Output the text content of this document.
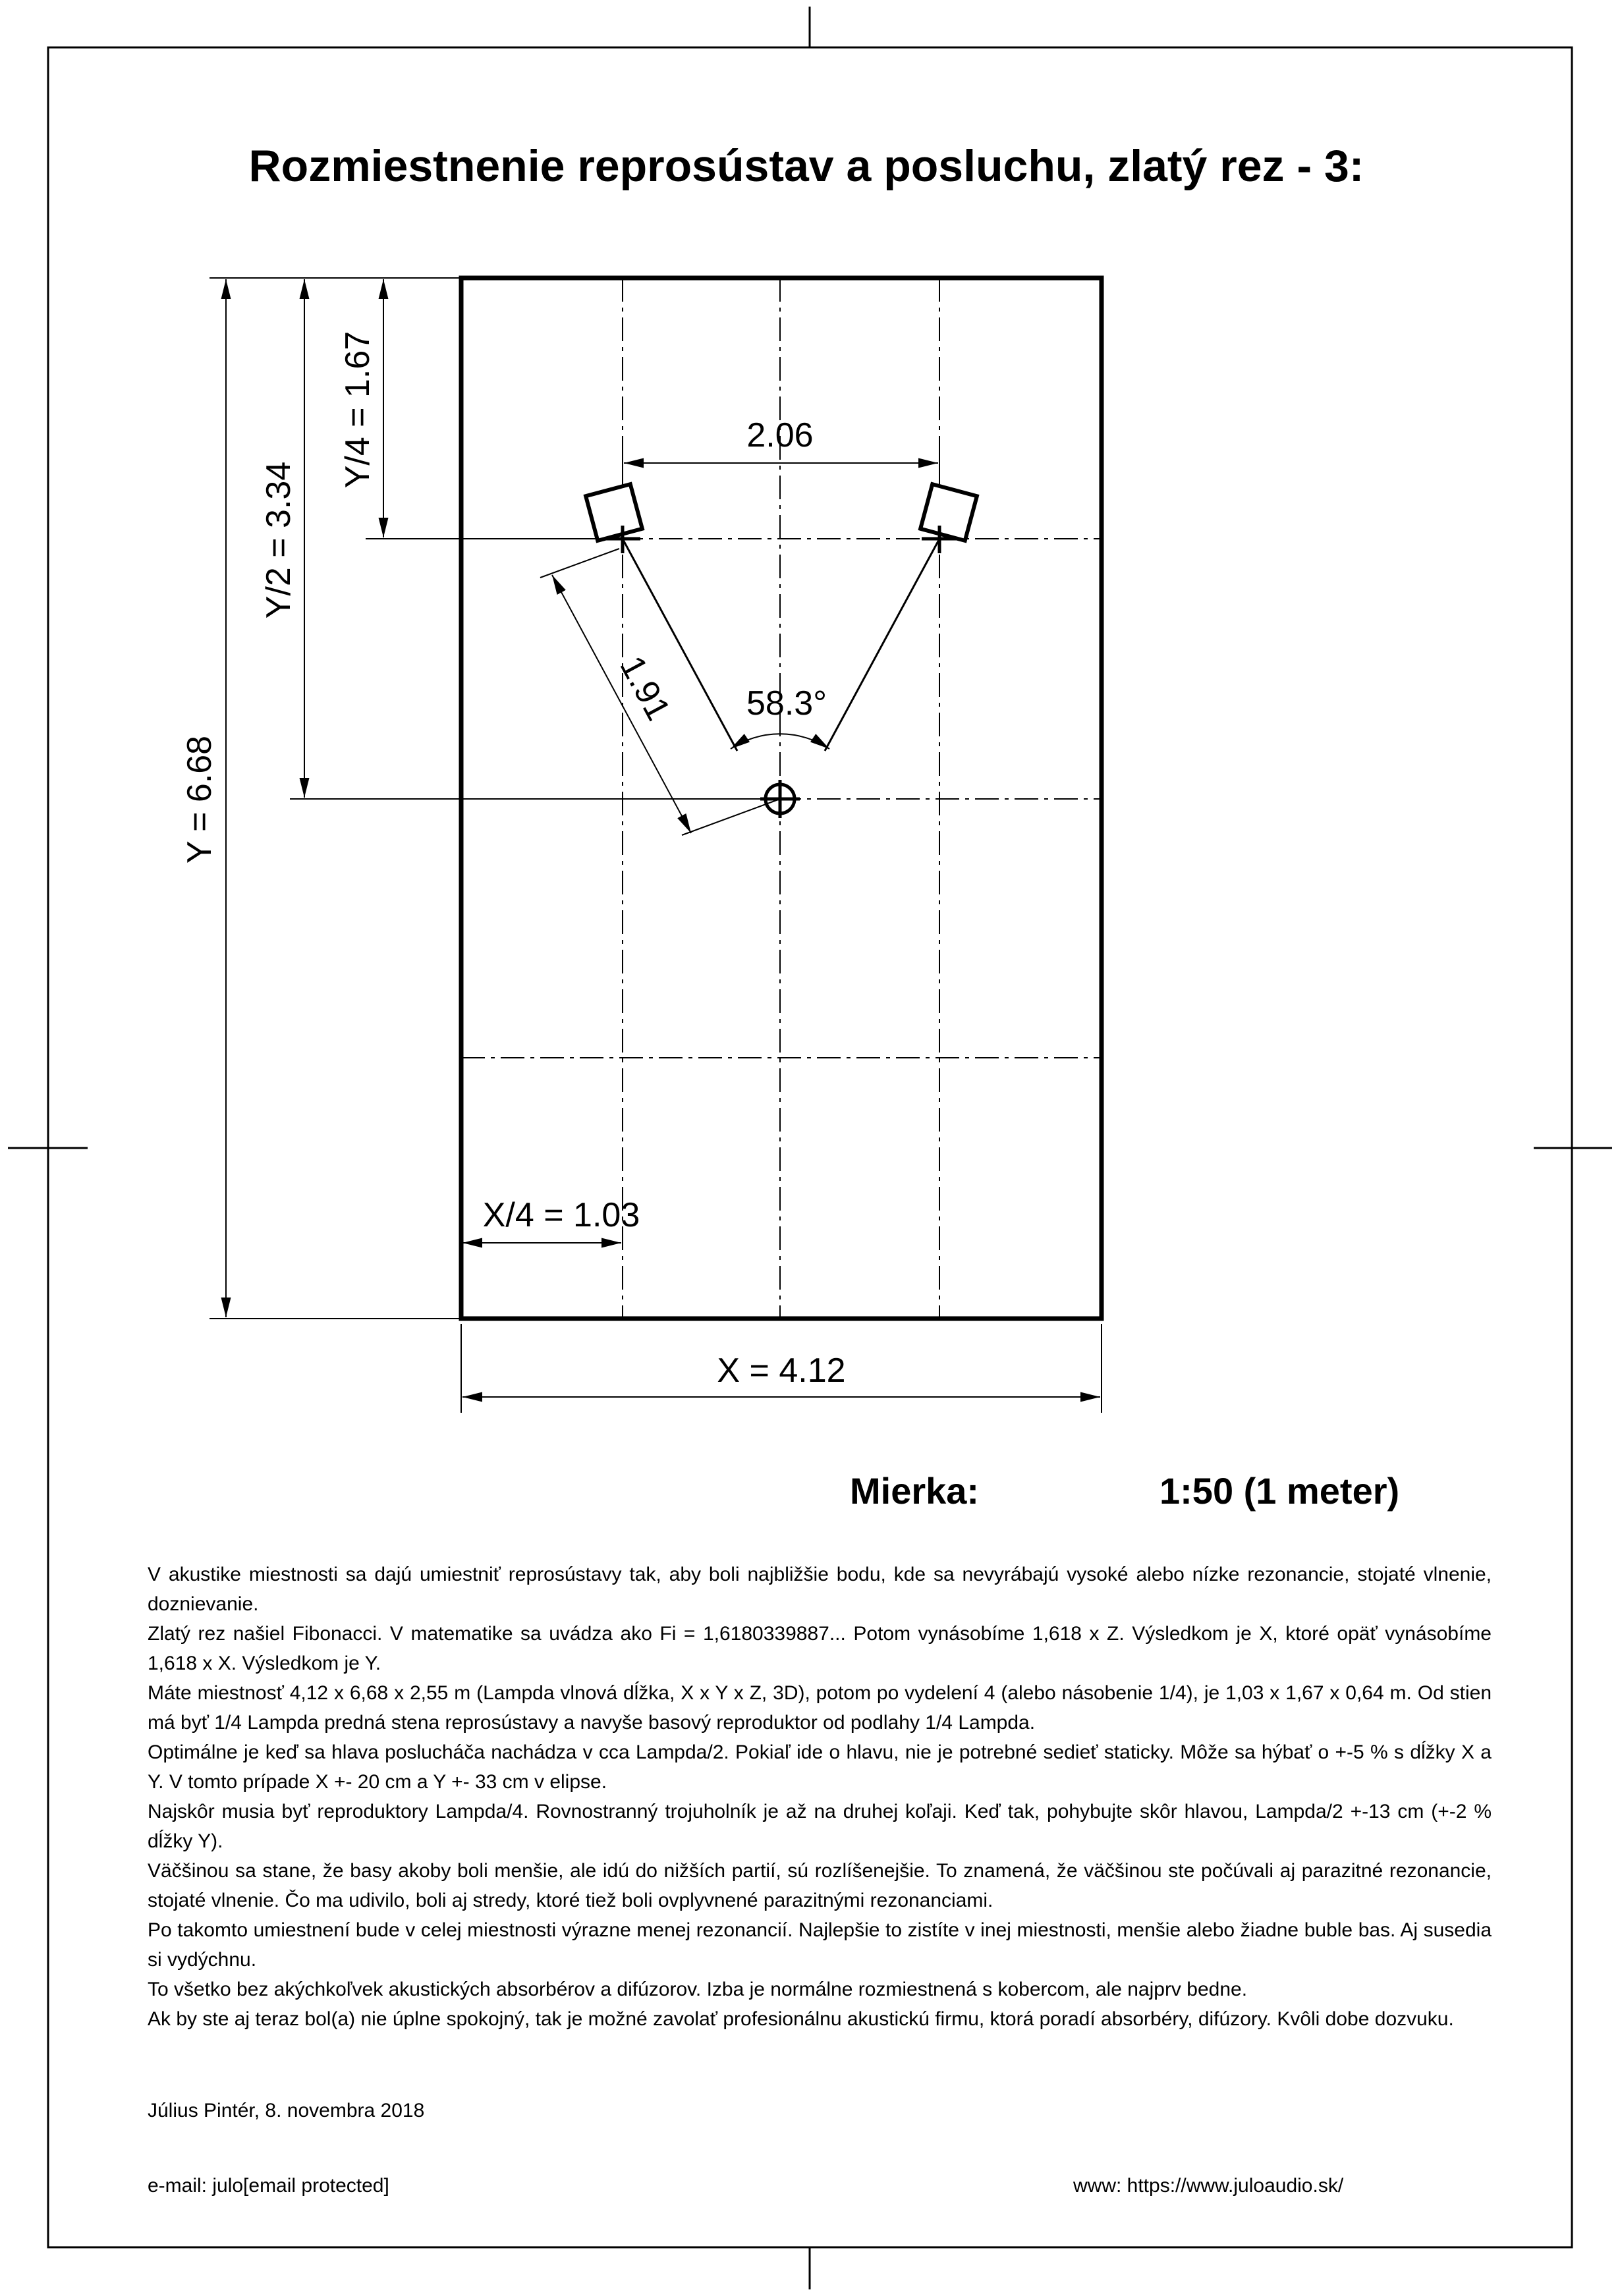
Rozmiestnenie reprosústav a posluchu, zlatý rez - 3:
2.06
1.91 58.3°
Y/4 = 1.67
Y/2 = 3.34
Y = 6.68
X/4 = 1.03
X = 4.12
Mierka:	1:50 (1 meter)

V akustike miestnosti sa dajú umiestniť reprosústavy tak, aby boli najbližšie bodu, kde sa nevyrábajú vysoké alebo nízke rezonancie, stojaté vlnenie, doznievanie.

Zlatý rez našiel Fibonacci. V matematike sa uvádza ako Fi = 1,6180339887... Potom vynásobíme 1,618 x Z. Výsledkom je X, ktoré opäť vynásobíme 1,618 x X. Výsledkom je Y.

Máte miestnosť 4,12 x 6,68 x 2,55 m (Lampda vlnová dĺžka, X x Y x Z, 3D), potom po vydelení 4 (alebo násobenie 1/4), je 1,03 x 1,67 x 0,64 m. Od stien má byť 1/4 Lampda predná stena reprosústavy a navyše basový reproduktor od podlahy 1/4 Lampda.

Optimálne je keď sa hlava poslucháča nachádza v cca Lampda/2. Pokiaľ ide o hlavu, nie je potrebné sedieť staticky. Môže sa hýbať o +-5 % s dĺžky X a Y. V tomto prípade X +- 20 cm a Y +- 33 cm v elipse.

Najskôr musia byť reproduktory Lampda/4. Rovnostranný trojuholník je až na druhej koľaji. Keď tak, pohybujte skôr hlavou, Lampda/2 +-13 cm (+-2 % dĺžky Y).

Väčšinou sa stane, že basy akoby boli menšie, ale idú do nižších partií, sú rozlíšenejšie. To znamená, že väčšinou ste počúvali aj parazitné rezonancie, stojaté vlnenie. Čo ma udivilo, boli aj stredy, ktoré tiež boli ovplyvnené parazitnými rezonanciami.

Po takomto umiestnení bude v celej miestnosti výrazne menej rezonancií. Najlepšie to zistíte v inej miestnosti, menšie alebo žiadne buble bas. Aj susedia si vydýchnu.

To všetko bez akýchkoľvek akustických absorbérov a difúzorov. Izba je normálne rozmiestnená s kobercom, ale najprv bedne.

Ak by ste aj teraz bol(a) nie úplne spokojný, tak je možné zavolať profesionálnu akustickú firmu, ktorá poradí absorbéry, difúzory. Kvôli dobe dozvuku.

Július Pintér, 8. novembra 2018
e-mail: julo[email protected]	www: https://www.juloaudio.sk/
